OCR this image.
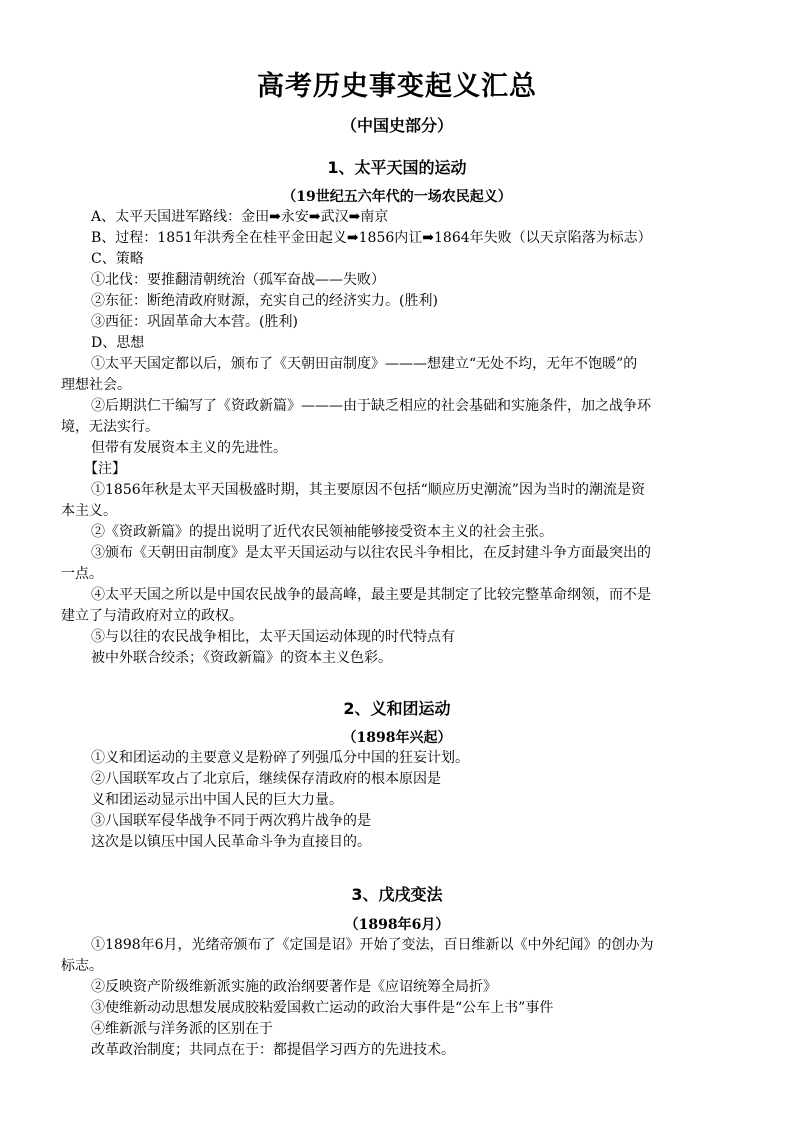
高考历史事变起义汇总
（中国史部分）
1、太平天国的运动
（19世纪五六年代的一场农民起义）
A、太平天国进军路线：金田➡永安➡武汉➡南京
B、过程：1851年洪秀全在桂平金田起义➡1856内讧➡1864年失败（以天京陷落为标志）
C、策略
①北伐：要推翻清朝统治（孤军奋战——失败）
②东征：断绝清政府财源，充实自己的经济实力。(胜利)
③西征：巩固革命大本营。(胜利)
D、思想
①太平天国定都以后，颁布了《天朝田亩制度》———想建立“无处不均，无年不饱暖”的
理想社会。
②后期洪仁干编写了《资政新篇》———由于缺乏相应的社会基础和实施条件，加之战争环
境，无法实行。
但带有发展资本主义的先进性。
【注】
①1856年秋是太平天国极盛时期，其主要原因不包括“顺应历史潮流”因为当时的潮流是资
本主义。
②《资政新篇》的提出说明了近代农民领袖能够接受资本主义的社会主张。
③颁布《天朝田亩制度》是太平天国运动与以往农民斗争相比，在反封建斗争方面最突出的
一点。
④太平天国之所以是中国农民战争的最高峰，最主要是其制定了比较完整革命纲领，而不是
建立了与清政府对立的政权。
⑤与以往的农民战争相比，太平天国运动体现的时代特点有
被中外联合绞杀；《资政新篇》的资本主义色彩。
2、义和团运动
（1898年兴起）
①义和团运动的主要意义是粉碎了列强瓜分中国的狂妄计划。
②八国联军攻占了北京后，继续保存清政府的根本原因是
义和团运动显示出中国人民的巨大力量。
③八国联军侵华战争不同于两次鸦片战争的是
这次是以镇压中国人民革命斗争为直接目的。
3、戊戌变法
（1898年6月）
①1898年6月，光绪帝颁布了《定国是诏》开始了变法，百日维新以《中外纪闻》的创办为
标志。
②反映资产阶级维新派实施的政治纲要著作是《应诏统筹全局折》
③使维新动动思想发展成胶粘爱国救亡运动的政治大事件是“公车上书”事件
④维新派与洋务派的区别在于
改革政治制度；共同点在于：都提倡学习西方的先进技术。
